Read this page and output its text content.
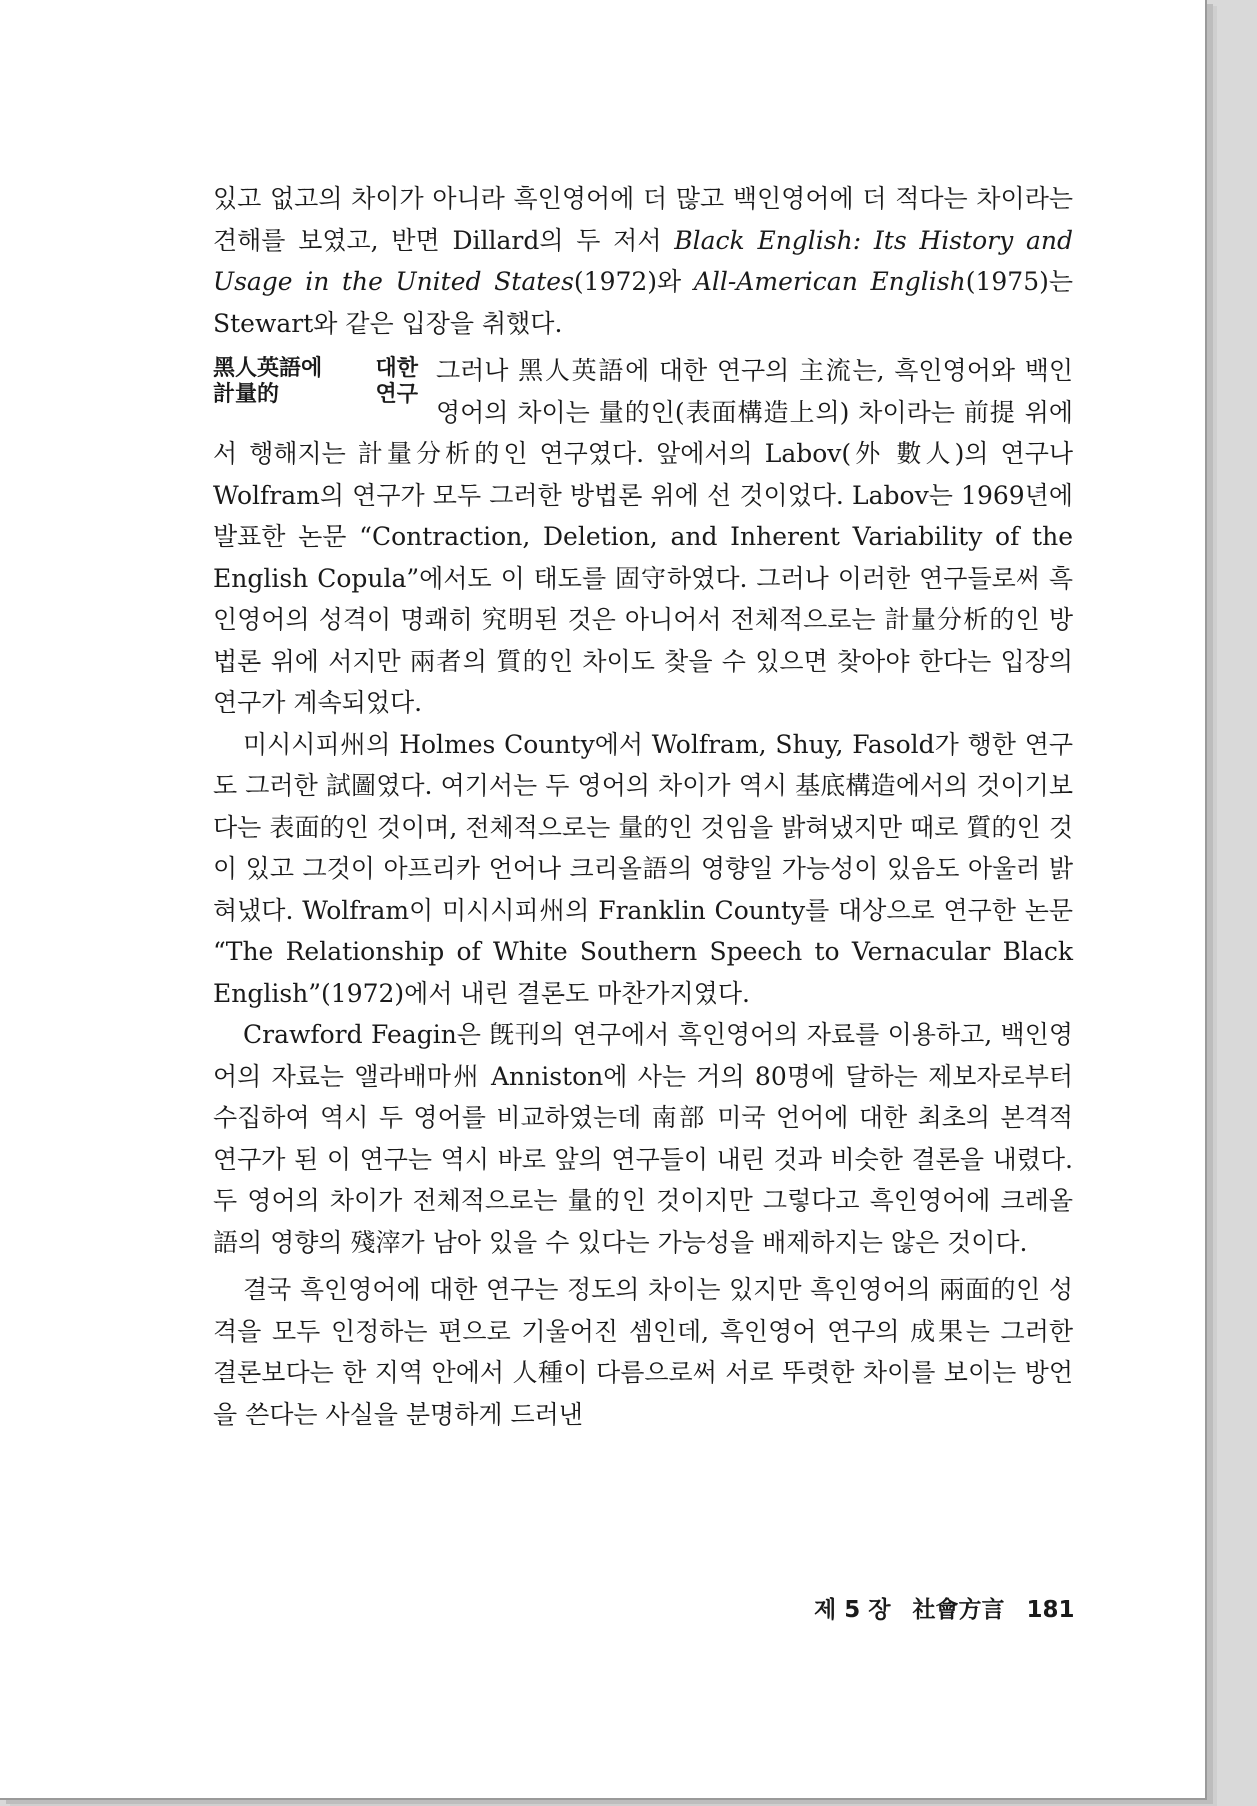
있고 없고의 차이가 아니라 흑인영어에 더 많고 백인영어에 더 적다는 차이라는 견해를 보였고, 반면 Dillard의 두 저서 Black English: Its History and Usage in the United States(1972)와 All-American English(1975)는 Stewart와 같은 입장을 취했다.

黑人英語에 대한
計量的	연구

그러나 黑人英語에 대한 연구의 主流는, 흑인영어와 백인영어의 차이는 量的인(表面構造上의) 차이라는 前提 위에서 행해지는 計量分析的인 연구였다. 앞에서의 Labov(外 數人)의 연구나 Wolfram의 연구가 모두 그러한 방법론 위에 선 것이었다. Labov는 1969년에 발표한 논문 “Contraction, Deletion, and Inherent Variability of the English Copula”에서도 이 태도를 固守하였다. 그러나 이러한 연구들로써 흑인영어의 성격이 명쾌히 究明된 것은 아니어서 전체적으로는 計量分析的인 방법론 위에 서지만 兩者의 質的인 차이도 찾을 수 있으면 찾아야 한다는 입장의 연구가 계속되었다.

미시시피州의 Holmes County에서 Wolfram, Shuy, Fasold가 행한 연구도 그러한 試圖였다. 여기서는 두 영어의 차이가 역시 基底構造에서의 것이기보다는 表面的인 것이며, 전체적으로는 量的인 것임을 밝혀냈지만 때로 質的인 것이 있고 그것이 아프리카 언어나 크리올語의 영향일 가능성이 있음도 아울러 밝혀냈다. Wolfram이 미시시피州의 Franklin County를 대상으로 연구한 논문 “The Relationship of White Southern Speech to Vernacular Black English”(1972)에서 내린 결론도 마찬가지였다.

Crawford Feagin은 旣刊의 연구에서 흑인영어의 자료를 이용하고, 백인영어의 자료는 앨라배마州 Anniston에 사는 거의 80명에 달하는 제보자로부터 수집하여 역시 두 영어를 비교하였는데 南部 미국 언어에 대한 최초의 본격적 연구가 된 이 연구는 역시 바로 앞의 연구들이 내린 것과 비슷한 결론을 내렸다. 두 영어의 차이가 전체적으로는 量的인 것이지만 그렇다고 흑인영어에 크레올語의 영향의 殘滓가 남아 있을 수 있다는 가능성을 배제하지는 않은 것이다.

결국 흑인영어에 대한 연구는 정도의 차이는 있지만 흑인영어의 兩面的인 성격을 모두 인정하는 편으로 기울어진 셈인데, 흑인영어 연구의 成果는 그러한 결론보다는 한 지역 안에서 人種이 다름으로써 서로 뚜렷한 차이를 보이는 방언을 쓴다는 사실을 분명하게 드러낸

제 5 장 社會方言 181
